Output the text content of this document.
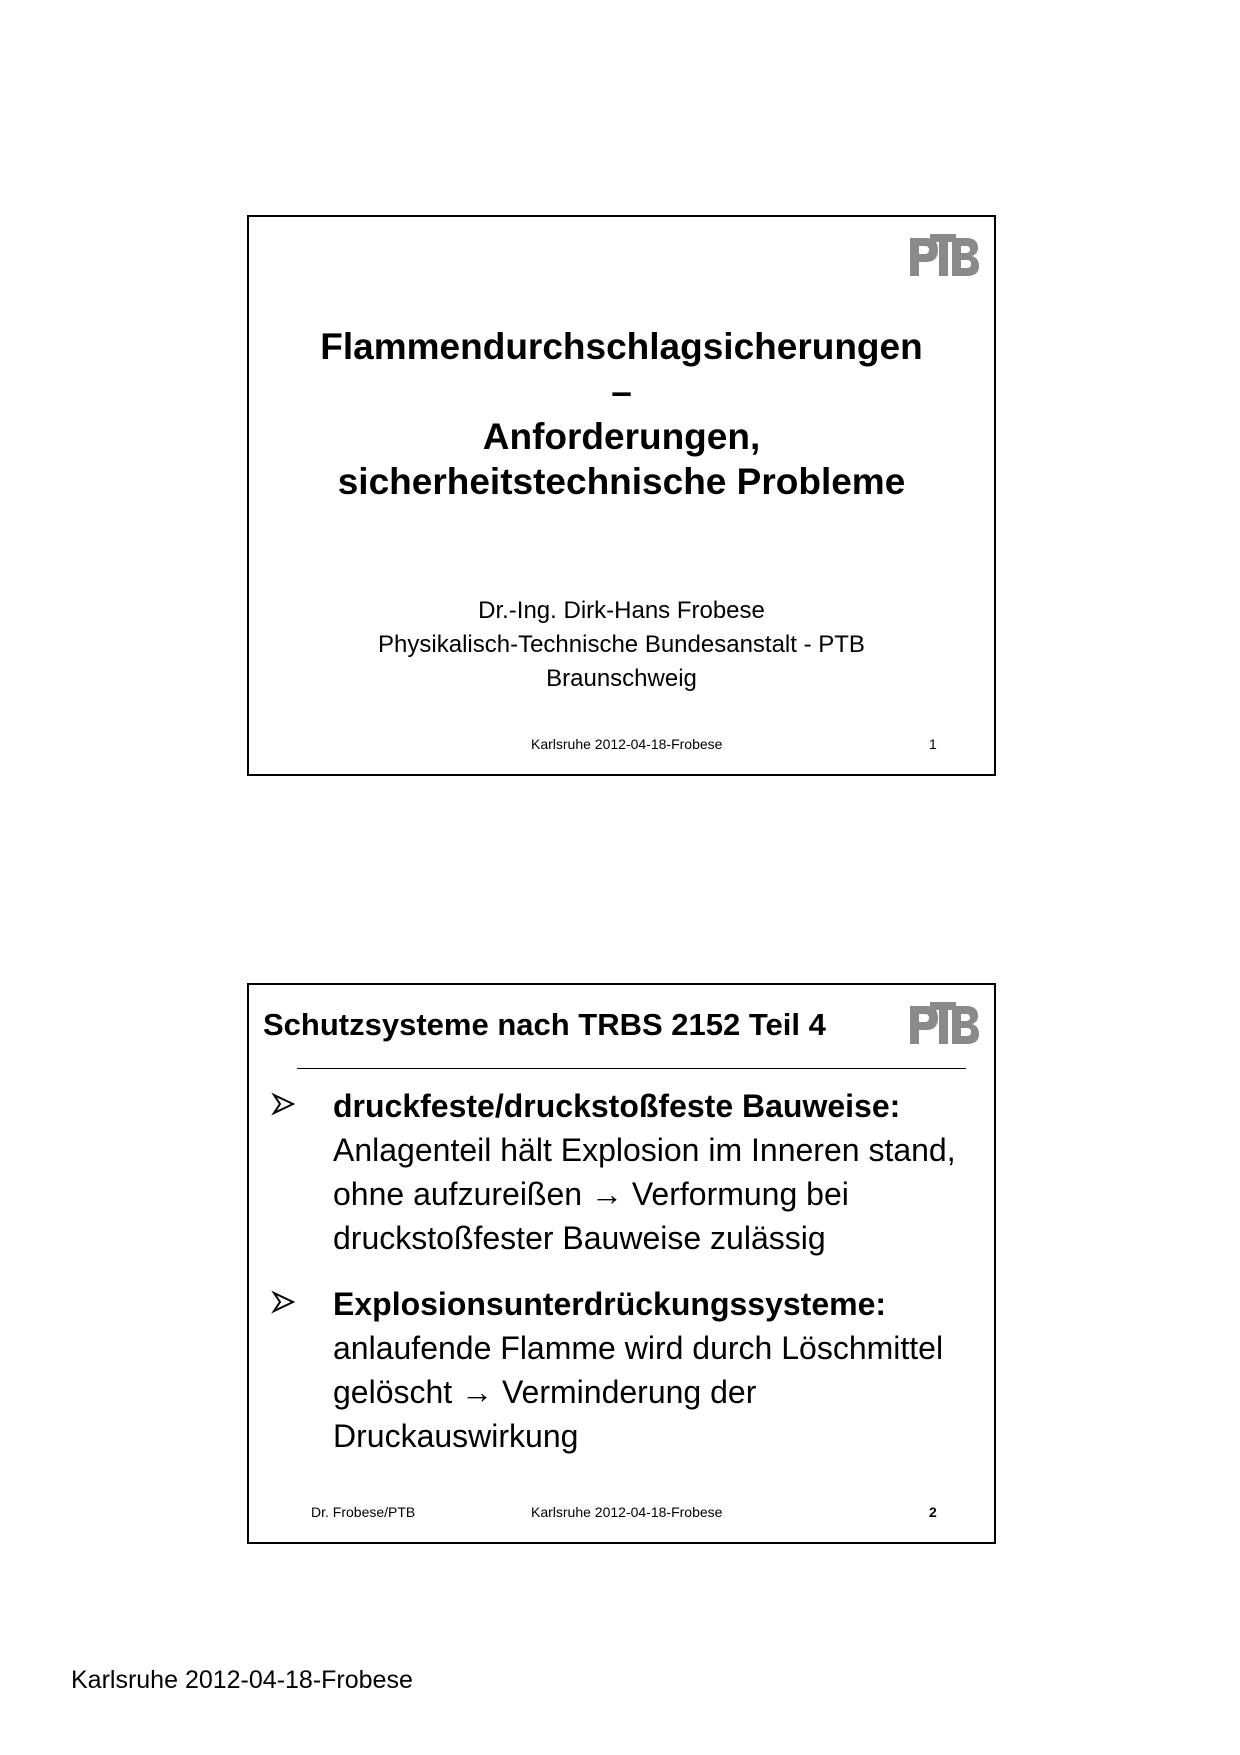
Flammendurchschlagsicherungen
–
Anforderungen,
sicherheitstechnische Probleme
Dr.-Ing. Dirk-Hans Frobese
Physikalisch-Technische Bundesanstalt - PTB
Braunschweig
Karlsruhe 2012-04-18-Frobese	1
Schutzsysteme nach TRBS 2152 Teil 4
druckfeste/druckstoßfeste Bauweise:
Anlagenteil hält Explosion im Inneren stand,
ohne aufzureißen → Verformung bei
druckstoßfester Bauweise zulässig
Explosionsunterdrückungssysteme:
anlaufende Flamme wird durch Löschmittel
gelöscht → Verminderung der
Druckauswirkung
Dr. Frobese/PTB	Karlsruhe 2012-04-18-Frobese	2
Karlsruhe 2012-04-18-Frobese
